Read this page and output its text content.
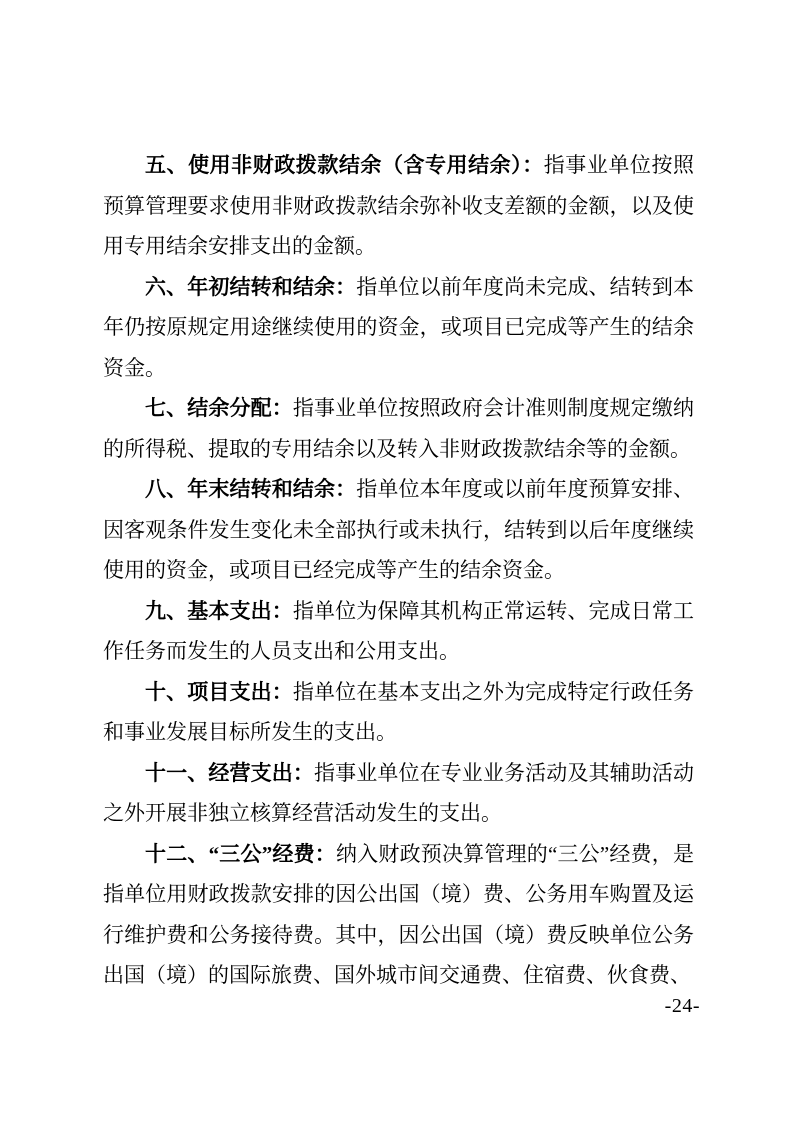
五、使用非财政拨款结余（含专用结余）：指事业单位按照预算管理要求使用非财政拨款结余弥补收支差额的金额，以及使用专用结余安排支出的金额。

六、年初结转和结余：指单位以前年度尚未完成、结转到本年仍按原规定用途继续使用的资金，或项目已完成等产生的结余资金。

七、结余分配：指事业单位按照政府会计准则制度规定缴纳的所得税、提取的专用结余以及转入非财政拨款结余等的金额。

八、年末结转和结余：指单位本年度或以前年度预算安排、因客观条件发生变化未全部执行或未执行，结转到以后年度继续使用的资金，或项目已经完成等产生的结余资金。

九、基本支出：指单位为保障其机构正常运转、完成日常工作任务而发生的人员支出和公用支出。

十、项目支出：指单位在基本支出之外为完成特定行政任务和事业发展目标所发生的支出。

十一、经营支出：指事业单位在专业业务活动及其辅助活动之外开展非独立核算经营活动发生的支出。

十二、“三公”经费：纳入财政预决算管理的“三公”经费，是指单位用财政拨款安排的因公出国（境）费、公务用车购置及运行维护费和公务接待费。其中，因公出国（境）费反映单位公务出国（境）的国际旅费、国外城市间交通费、住宿费、伙食费、

-24-
